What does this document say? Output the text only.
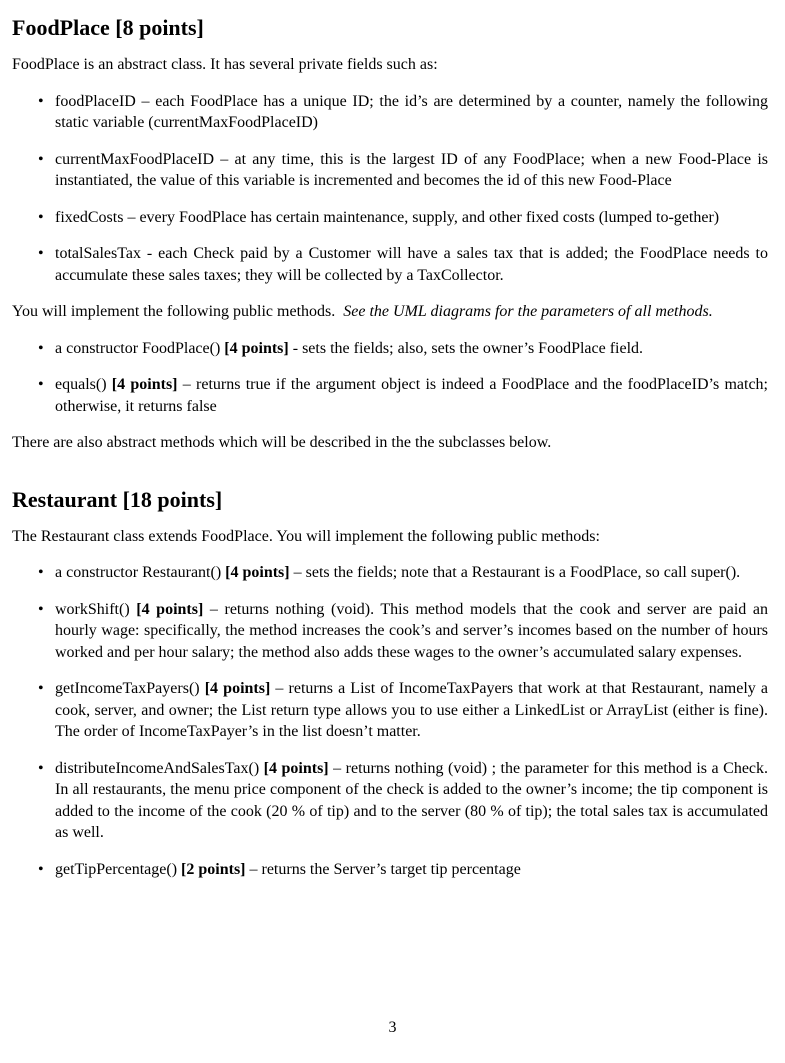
FoodPlace [8 points]

FoodPlace is an abstract class. It has several private fields such as:

• foodPlaceID – each FoodPlace has a unique ID; the id’s are determined by a counter, namely the following static variable (currentMaxFoodPlaceID)
• currentMaxFoodPlaceID – at any time, this is the largest ID of any FoodPlace; when a new Food-Place is instantiated, the value of this variable is incremented and becomes the id of this new Food-Place
• fixedCosts – every FoodPlace has certain maintenance, supply, and other fixed costs (lumped to-gether)
• totalSalesTax - each Check paid by a Customer will have a sales tax that is added; the FoodPlace needs to accumulate these sales taxes; they will be collected by a TaxCollector.

You will implement the following public methods. See the UML diagrams for the parameters of all methods.

• a constructor FoodPlace() [4 points] - sets the fields; also, sets the owner’s FoodPlace field.
• equals() [4 points] – returns true if the argument object is indeed a FoodPlace and the foodPlaceID’s match; otherwise, it returns false

There are also abstract methods which will be described in the the subclasses below.

Restaurant [18 points]

The Restaurant class extends FoodPlace. You will implement the following public methods:

• a constructor Restaurant() [4 points] – sets the fields; note that a Restaurant is a FoodPlace, so call super().
• workShift() [4 points] – returns nothing (void). This method models that the cook and server are paid an hourly wage: specifically, the method increases the cook’s and server’s incomes based on the number of hours worked and per hour salary; the method also adds these wages to the owner’s accumulated salary expenses.
• getIncomeTaxPayers() [4 points] – returns a List of IncomeTaxPayers that work at that Restaurant, namely a cook, server, and owner; the List return type allows you to use either a LinkedList or ArrayList (either is fine). The order of IncomeTaxPayer’s in the list doesn’t matter.
• distributeIncomeAndSalesTax() [4 points] – returns nothing (void) ; the parameter for this method is a Check. In all restaurants, the menu price component of the check is added to the owner’s income; the tip component is added to the income of the cook (20 % of tip) and to the server (80 % of tip); the total sales tax is accumulated as well.
• getTipPercentage() [2 points] – returns the Server’s target tip percentage
3
